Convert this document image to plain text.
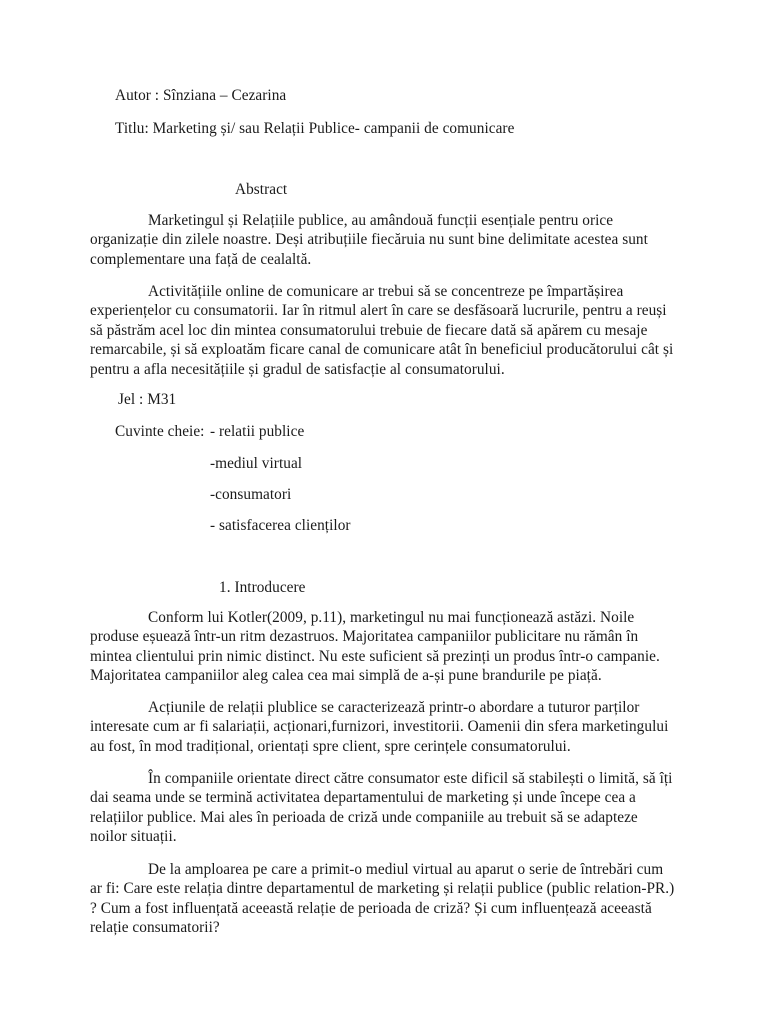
Autor : Sînziana – Cezarina
Titlu: Marketing și/ sau Relații Publice- campanii de comunicare
Abstract
Marketingul și Relațiile publice, au amândouă funcții esențiale pentru orice organizație din zilele noastre. Deși atribuțiile fiecăruia nu sunt bine delimitate acestea sunt complementare una față de cealaltă.
Activitățiile online de comunicare ar trebui să se concentreze pe împartășirea experiențelor cu consumatorii. Iar în ritmul alert în care se desfăsoară lucrurile, pentru a reuși să păstrăm acel loc din mintea consumatorului trebuie de fiecare dată să apărem cu mesaje remarcabile, și să exploatăm ficare canal de comunicare atât în beneficiul producătorului cât și pentru a afla necesitățiile și gradul de satisfacție al consumatorului.
Jel : M31
Cuvinte cheie: - relatii publice
-mediul virtual
-consumatori
- satisfacerea clienților
1. Introducere
Conform lui Kotler(2009, p.11), marketingul nu mai funcționează astăzi. Noile produse eșuează într-un ritm dezastruos. Majoritatea campaniilor publicitare nu rămân în mintea clientului prin nimic distinct. Nu este suficient să prezinți un produs într-o campanie. Majoritatea campaniilor aleg calea cea mai simplă de a-și pune brandurile pe piață.
Acțiunile de relații plublice se caracterizează printr-o abordare a tuturor parților interesate cum ar fi salariații, acționari,furnizori, investitorii. Oamenii din sfera marketingului au fost, în mod tradițional, orientați spre client, spre cerințele consumatorului.
În companiile orientate direct către consumator este dificil să stabilești o limită, să îți dai seama unde se termină activitatea departamentului de marketing și unde începe cea a relațiilor publice. Mai ales în perioada de criză unde companiile au trebuit să se adapteze noilor situații.
De la amploarea pe care a primit-o mediul virtual au aparut o serie de întrebări cum ar fi: Care este relația dintre departamentul de marketing și relații publice (public relation-PR.) ? Cum a fost influențată aceeastă relație de perioada de criză? Și cum influențează aceeastă relație consumatorii?
